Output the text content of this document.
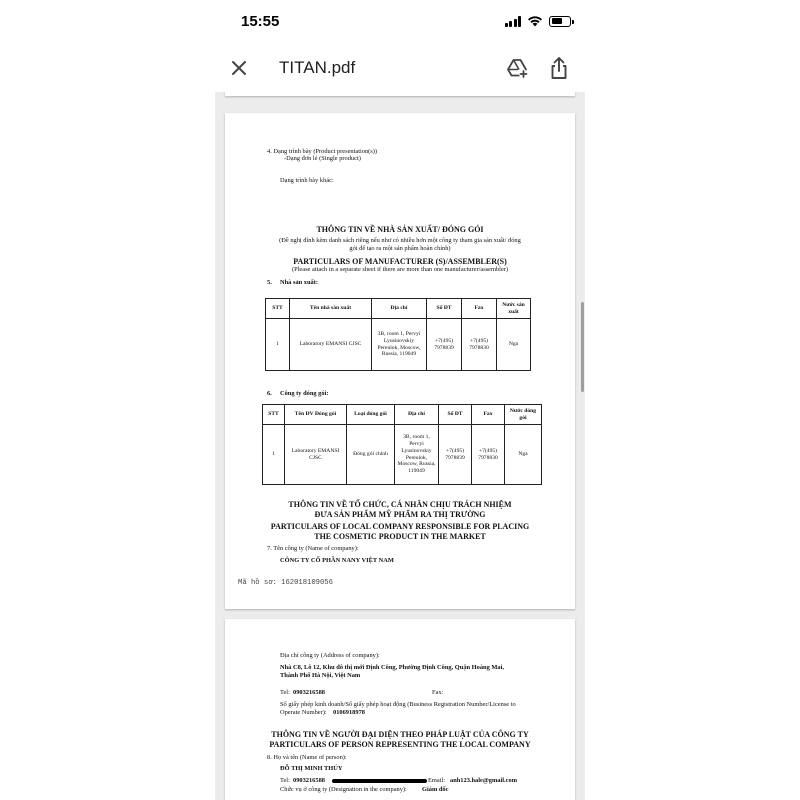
15:55
TITAN.pdf
4. Dạng trình bày (Product presentation(s))
-Dạng đơn lẻ (Single product)
Dạng trình bày khác:
THÔNG TIN VỀ NHÀ SẢN XUẤT/ ĐÓNG GÓI
(Đề nghị đính kèm danh sách riêng nếu như có nhiều hơn một công ty tham gia sản xuất/ đóng
gói để tạo ra một sản phẩm hoàn chỉnh)
PARTICULARS OF MANUFACTURER (S)/ASSEMBLER(S)
(Please attach in a separate sheet if there are more than one manufacturer/assembler)
5. Nhà sản xuất:
STT	Tên nhà sản xuất	Địa chỉ	Số ĐT	Fax	Nước sản xuất
1	Laboratory EMANSI CJSC	3B, room 1, Pervyi Lyusinovskiy Pereulok, Moscow, Russia, 119049	+7(495) 7978839	+7(495) 7978830	Nga
6. Công ty đóng gói:
STT	Tên ĐV Đóng gói	Loại đóng gói	Địa chỉ	Số ĐT	Fax	Nước đóng gói
1	Laboratory EMANSI CJSC	Đóng gói chính	3B, room 1, Pervyi Lyusinovskiy Pereulok, Moscow, Russia, 119049	+7(495) 7978839	+7(495) 7978830	Nga
THÔNG TIN VỀ TỔ CHỨC, CÁ NHÂN CHỊU TRÁCH NHIỆM
ĐƯA SẢN PHẨM MỸ PHẨM RA THỊ TRƯỜNG
PARTICULARS OF LOCAL COMPANY RESPONSIBLE FOR PLACING
THE COSMETIC PRODUCT IN THE MARKET
7. Tên công ty (Name of company):
CÔNG TY CỔ PHẦN NANY VIỆT NAM
Mã hồ sơ: 162018109056
Địa chỉ công ty (Address of company):
Nhà C8, Lô 12, Khu đô thị mới Định Công, Phường Định Công, Quận Hoàng Mai,
Thành Phố Hà Nội, Việt Nam
Tel: 0903216588	Fax:
Số giấy phép kinh doanh/Số giấy phép hoạt động (Business Registration Number/License to
Operate Number): 0106918978
THÔNG TIN VỀ NGƯỜI ĐẠI DIỆN THEO PHÁP LUẬT CỦA CÔNG TY
PARTICULARS OF PERSON REPRESENTING THE LOCAL COMPANY
8. Họ và tên (Name of person):
ĐỖ THỊ MINH THÚY
Tel: 0903216588	Email: anh123.hale@gmail.com
Chức vụ ở công ty (Designation in the company): Giám đốc
